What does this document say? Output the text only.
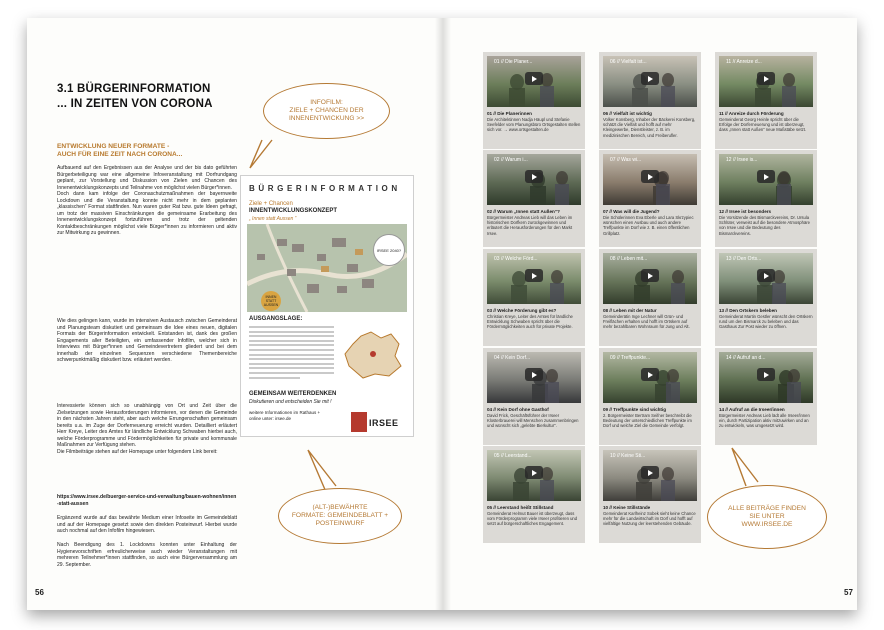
3.1 BÜRGERINFORMATION
... IN ZEITEN VON CORONA
ENTWICKLUNG NEUER FORMATE -
AUCH FÜR EINE ZEIT NACH CORONA...
Aufbauend auf den Ergebnissen aus der Analyse und der bis dato geführten Bürgerbeteiligung war eine allgemeine Infoveranstaltung mit Dorfrundgang geplant, zur Vorstellung und Diskussion von Zielen und Chancen des Innenentwicklungskonzepts und Teilnahme von möglichst vielen Bürger*innen.
Doch dann kam infolge der Coronaschutzmaßnahmen der bayernweite Lockdown und die Veranstaltung konnte nicht mehr in dem geplanten „klassischen“ Format stattfinden. Nun waren guter Rat bzw. gute Ideen gefragt, um trotz der massiven Einschränkungen die gemeinsame Erarbeitung des Innenentwicklungskonzept fortzuführen und trotz der geltenden Kontaktbeschränkungen möglichst viele Bürger*innen zu informieren und aktiv zur Mitwirkung zu gewinnen.
Wie dies gelingen kann, wurde im intensiven Austausch zwischen Gemeinderat und Planungsteam diskutiert und gemeinsam die Idee eines neuen, digitalen Formats der Bürgerinformation entwickelt. Entstanden ist, dank des großen Engagements aller Beteiligten, ein umfassender Infofilm, welcher sich in Interviews mit Bürger*innen und Gemeindevertretern gliedert und bei dem innerhalb der einzelnen Sequenzen verschiedene Themenbereiche schwerpunktmäßig diskutiert bzw. erläutert werden.
Interessierte können sich so unabhängig von Ort und Zeit über die Zielsetzungen sowie Herausforderungen informieren, vor denen die Gemeinde in den nächsten Jahren steht, aber auch welche Errungenschaften gemeinsam bereits u.a. im Zuge der Dorferneuerung erreicht wurden. Detailliert erläutert Herr Kreye, Leiter des Amtes für ländliche Entwicklung Schwaben hierbei auch, welche Förderprogramme und Fördermöglichkeiten für private und kommunale Maßnahmen zur Verfügung stehen.
Die Filmbeiträge stehen auf der Homepage unter folgendem Link bereit:
https://www.irsee.de/buerger-service-und-verwaltung/bauen-wohnen/innen-statt-aussen
Ergänzend wurde auf das bewährte Medium einer Infoseite im Gemeindeblatt und auf der Homepage gesetzt sowie den direkten Posteinwurf. Hierbei wurde auch nochmal auf den Infofilm hingewiesen.
Nach Beendigung des 1. Lockdowns konnten unter Einhaltung der Hygienevorschriften erfreulicherweise auch wieder Veranstaltungen mit mehreren Teilnehmer*innen stattfinden, so auch eine Bürgerversammlung am 29. September.
INFOFILM:
ZIELE + CHANCEN DER
INNENENTWICKUNG >>
BÜRGERINFORMATION
Ziele + Chancen
INNENTWICKLUNGSKONZEPT
„ Innen statt Aussen “
IRSEE 2040?
INNEN STATT AUSSEN
AUSGANGSLAGE:
GEMEINSAM WEITERDENKEN
Diskutieren und entscheiden Sie mit !
weitere Informationen im Rathaus +
online unter: irsee.de	IRSEE
(ALT-)BEWÄHRTE
FORMATE: GEMEINDEBLATT +
POSTEINWURF
56
01 // Die Planer...
01 // Die Planerinnen
Die Architektinnen Nadja Häupl und Stefanie Seefelder vom Planungsbüro Ortsgestalten stellen sich vor. → www.ortsgestalten.de
06 // Vielfalt ist...
06 // Vielfalt ist wichtig
Volker Konsberg, Inhaber der Bäckerei Konsberg, schätzt die Vielfalt und hofft auf mehr Kleingewerbe, Dienstleister, z. B. im medizinischen Bereich, und Freiberufler.
11 // Anreize d...
11 // Anreize durch Förderung
Gemeinderat Georg Heinle spricht über die Erfolge der Dorferneuerung und ist überzeugt, dass „Innen statt Außen“ neue Maßstäbe setzt.
02 // Warum i...
02 // Warum „Innen statt Außen“?
Bürgermeister Andreas Lieb will das Leben im historischen Dorfkern zurückgewinnen und erläutert die Herausforderungen für den Markt Irsee.
07 // Was wi...
07 // Was will die Jugend?
Die Schülerinnen Eva Eberle und Lara Skrzypiec wünschen einen Ausbau und auch andere Treffpunkte im Dorf wie z. B. einen öffentlichen Grillplatz.
12 // Irsee is...
12 // Irsee ist besonders
Die Vorsitzende des Bismarckvereins, Dr. Ursula Schlüter, verweist auf die besondere Atmosphäre von Irsee und die Bedeutung des Bismarckvereins.
03 // Welche Förd...
03 // Welche Förderung gibt es?
Christian Kreye, Leiter des Amtes für ländliche Entwicklung Schwaben spricht über die Fördermöglichkeiten auch für private Projekte.
08 // Leben mit...
08 // Leben mit der Natur
Gemeinderätin Inge Lechner will Grün- und Freiflächen erhalten und hofft im Ortskern auf mehr bezahlbaren Wohnraum für Jung und Alt.
13 // Den Orts...
13 // Den Ortskern beleben
Gemeinderat Martin Gestler wünscht den Ortskern rund um den Bismarck zu beleben und das Gasthaus Zur Post wieder zu öffnen.
04 // Kein Dorf...
04 // Kein Dorf ohne Gasthof
David Frick, Geschäftsführer der Irseer Klosterbrauerei will Menschen zusammenbringen und wünscht sich „gelebte Bierkultur“.
09 // Treffpunkte...
09 // Treffpunkte sind wichtig
2. Bürgermeister Bertram Seifner beschreibt die Bedeutung der unterschiedlichen Treffpunkte im Dorf und welche Ziel die Gemeinde verfolgt.
14 // Aufruf an d...
14 // Aufruf an die Irseer/innen
Bürgermeister Andreas Lieb lädt alle Irseer/innen ein, durch Partizipation aktiv mitzuwirken und an zu entwickeln, was umgesetzt wird.
05 // Leerstand...
05 // Leerstand heißt Stillstand
Gemeinderat Helmut Bauer ist überzeugt, dass vom Förderprogramm viele Irseer profitieren und setzt auf bürgerschaftliches Engagement.
10 // Keine Sti...
10 // Keine Stillstände
Gemeinderat Karlheinz Sobek sieht keine Chance mehr für die Landwirtschaft im Dorf und hofft auf vielfältige Nutzung der leerstehenden Gebäude.
ALLE BEITRÄGE FINDEN
SIE UNTER
WWW.IRSEE.DE
57
